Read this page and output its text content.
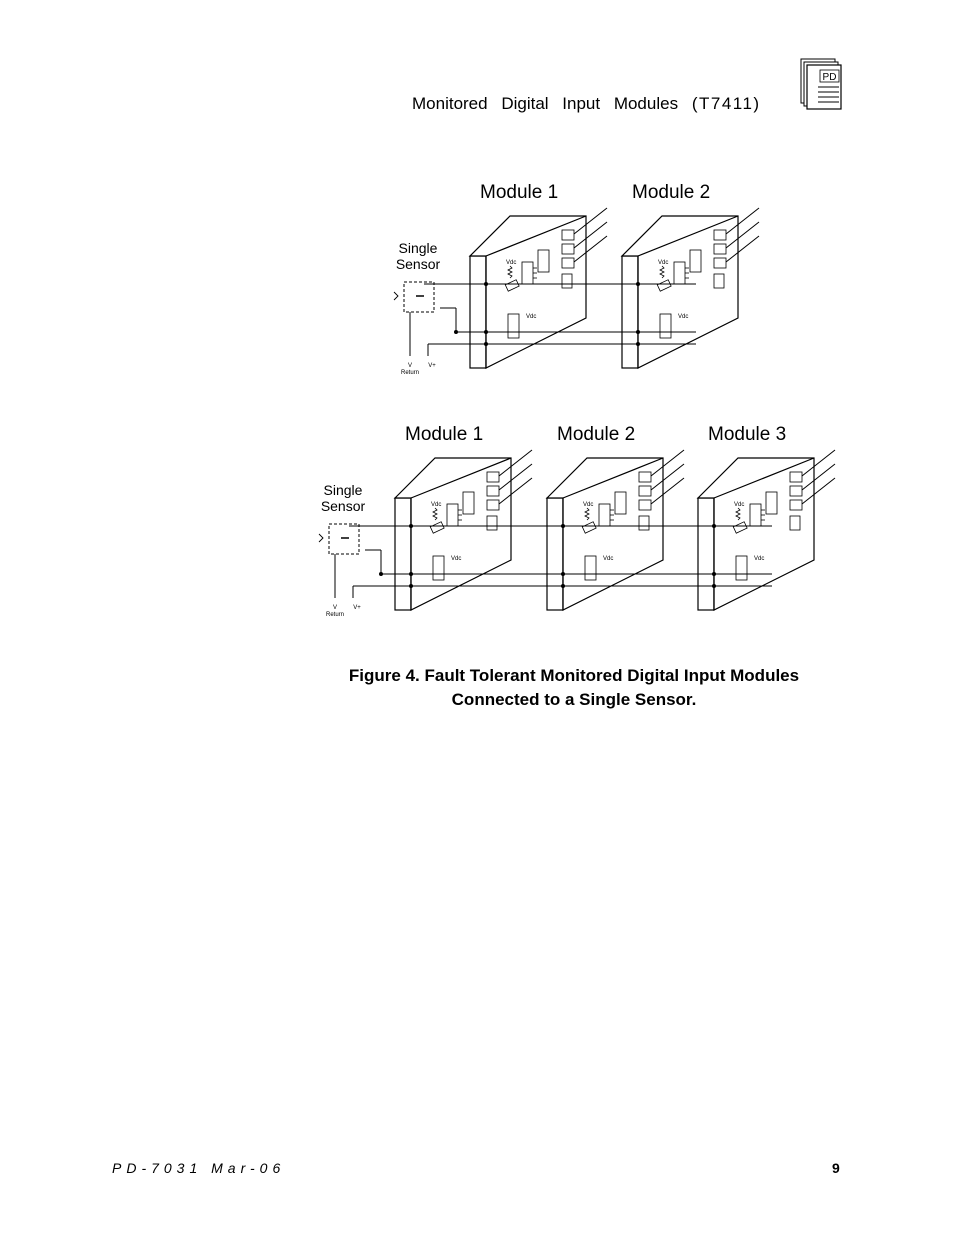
Monitored Digital Input Modules (T7411)
PD
Module 1
Vdc
Vdc
Module 2
Vdc
Vdc
Single
Sensor
V
Return
V+
Module 1
Vdc
Vdc
Module 2
Vdc
Vdc
Module 3
Vdc
Vdc
Single
Sensor
V
Return
V+
Figure 4. Fault Tolerant Monitored Digital Input Modules
Connected to a Single Sensor.
PD-7031 Mar-06	9
